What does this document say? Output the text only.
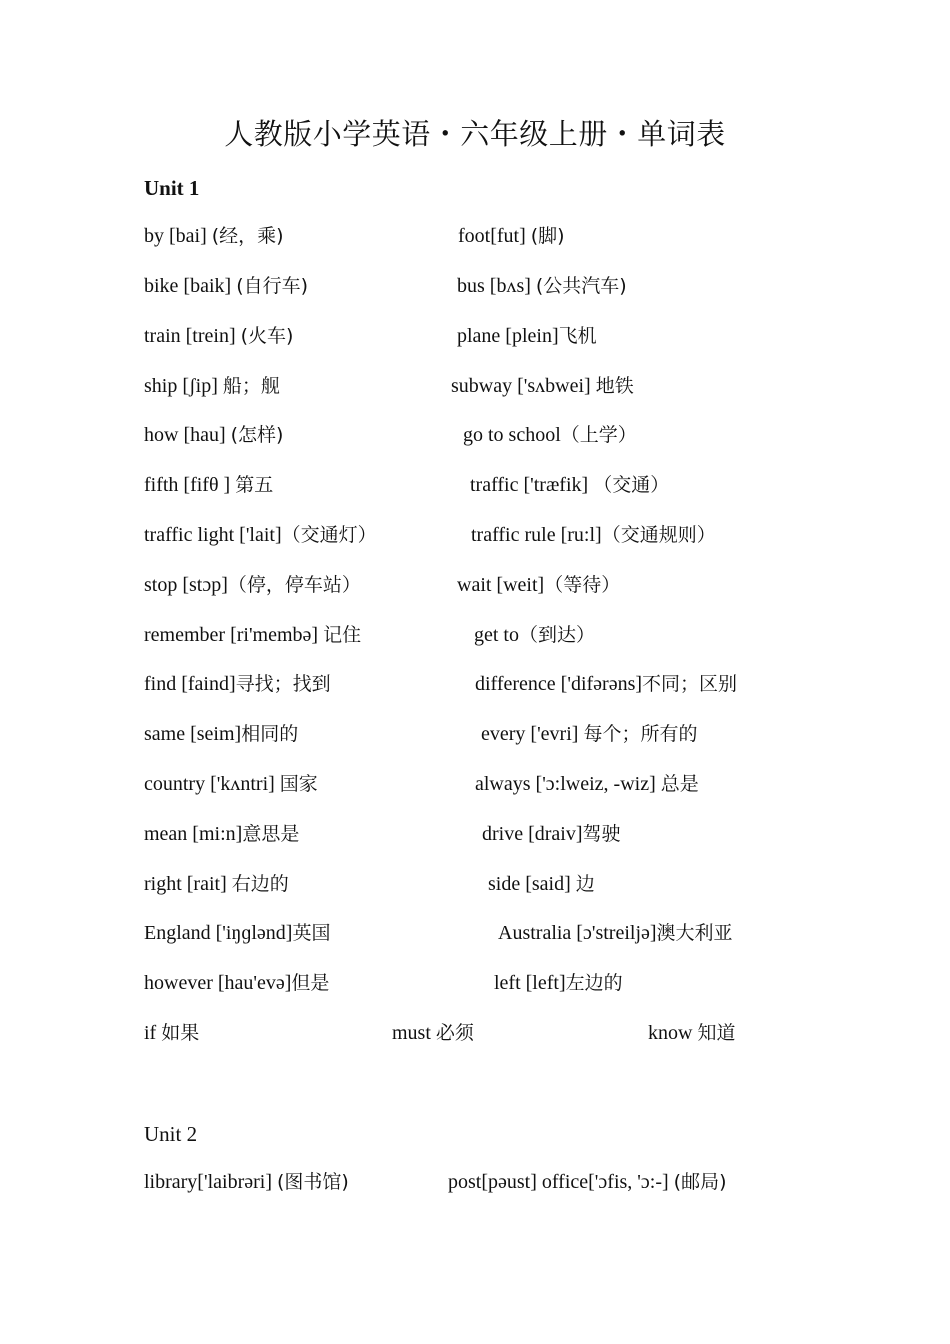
人教版小学英语・六年级上册・单词表
Unit 1
by [bai] (经，乘)	foot[fut] (脚)
bike [baik] (自行车)	bus [bʌs] (公共汽车)
train [trein] (火车)	plane [plein]飞机
ship [ʃip] 船；舰	subway ['sʌbwei] 地铁
how [hau] (怎样)	go to school（上学）
fifth [fifθ ] 第五	traffic ['træfik] （交通）
traffic light ['lait]（交通灯）	traffic rule [ru:l]（交通规则）
stop [stɔp]（停，停车站）	wait [weit]（等待）
remember [ri'membə] 记住	get to（到达）
find [faind]寻找；找到	difference ['difərəns]不同；区别
same [seim]相同的	every ['evri] 每个；所有的
country ['kʌntri] 国家	always ['ɔ:lweiz, -wiz] 总是
mean [mi:n]意思是	drive [draiv]驾驶
right [rait] 右边的	side [said] 边
England ['iŋɡlənd]英国	Australia [ɔ'streiljə]澳大利亚
however [hau'evə]但是	left [left]左边的
if 如果	must 必须	know 知道
Unit 2
library['laibrəri] (图书馆)	post[pəust] office['ɔfis, 'ɔ:-] (邮局)
